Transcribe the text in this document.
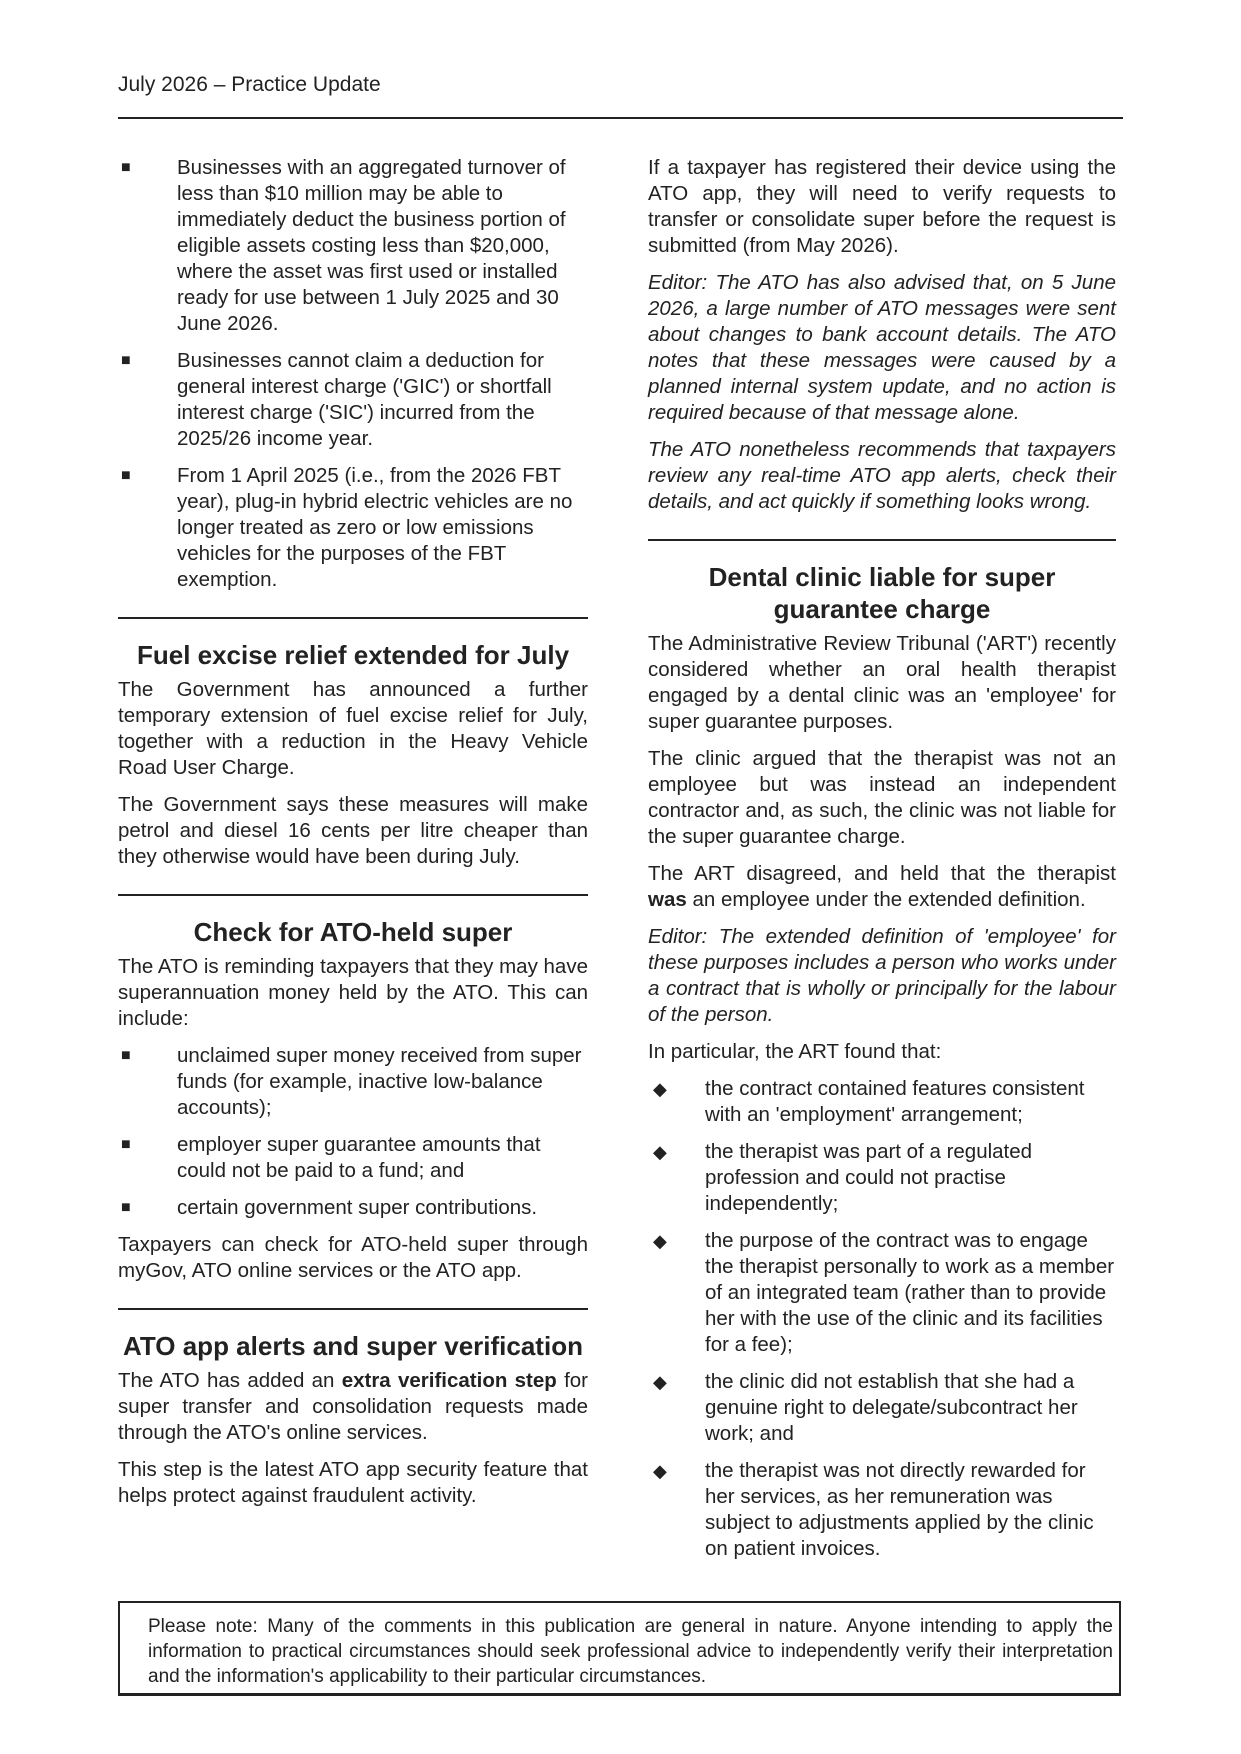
July 2026 – Practice Update
■ Businesses with an aggregated turnover of less than $10 million may be able to immediately deduct the business portion of eligible assets costing less than $20,000, where the asset was first used or installed ready for use between 1 July 2025 and 30 June 2026.
■ Businesses cannot claim a deduction for general interest charge ('GIC') or shortfall interest charge ('SIC') incurred from the 2025/26 income year.
■ From 1 April 2025 (i.e., from the 2026 FBT year), plug-in hybrid electric vehicles are no longer treated as zero or low emissions vehicles for the purposes of the FBT exemption.
Fuel excise relief extended for July

The Government has announced a further temporary extension of fuel excise relief for July, together with a reduction in the Heavy Vehicle Road User Charge.

The Government says these measures will make petrol and diesel 16 cents per litre cheaper than they otherwise would have been during July.

Check for ATO-held super

The ATO is reminding taxpayers that they may have superannuation money held by the ATO. This can include:

■ unclaimed super money received from super funds (for example, inactive low-balance accounts);
■ employer super guarantee amounts that could not be paid to a fund; and
■ certain government super contributions.

Taxpayers can check for ATO-held super through myGov, ATO online services or the ATO app.

ATO app alerts and super verification

The ATO has added an extra verification step for super transfer and consolidation requests made through the ATO's online services.

This step is the latest ATO app security feature that helps protect against fraudulent activity.

If a taxpayer has registered their device using the ATO app, they will need to verify requests to transfer or consolidate super before the request is submitted (from May 2026).

Editor: The ATO has also advised that, on 5 June 2026, a large number of ATO messages were sent about changes to bank account details. The ATO notes that these messages were caused by a planned internal system update, and no action is required because of that message alone.

The ATO nonetheless recommends that taxpayers review any real-time ATO app alerts, check their details, and act quickly if something looks wrong.

Dental clinic liable for super guarantee charge

The Administrative Review Tribunal ('ART') recently considered whether an oral health therapist engaged by a dental clinic was an 'employee' for super guarantee purposes.

The clinic argued that the therapist was not an employee but was instead an independent contractor and, as such, the clinic was not liable for the super guarantee charge.

The ART disagreed, and held that the therapist was an employee under the extended definition.

Editor: The extended definition of 'employee' for these purposes includes a person who works under a contract that is wholly or principally for the labour of the person.

In particular, the ART found that:

◆ the contract contained features consistent with an 'employment' arrangement;
◆ the therapist was part of a regulated profession and could not practise independently;
◆ the purpose of the contract was to engage the therapist personally to work as a member of an integrated team (rather than to provide her with the use of the clinic and its facilities for a fee);
◆ the clinic did not establish that she had a genuine right to delegate/subcontract her work; and
◆ the therapist was not directly rewarded for her services, as her remuneration was subject to adjustments applied by the clinic on patient invoices.
Please note: Many of the comments in this publication are general in nature. Anyone intending to apply the information to practical circumstances should seek professional advice to independently verify their interpretation and the information's applicability to their particular circumstances.
